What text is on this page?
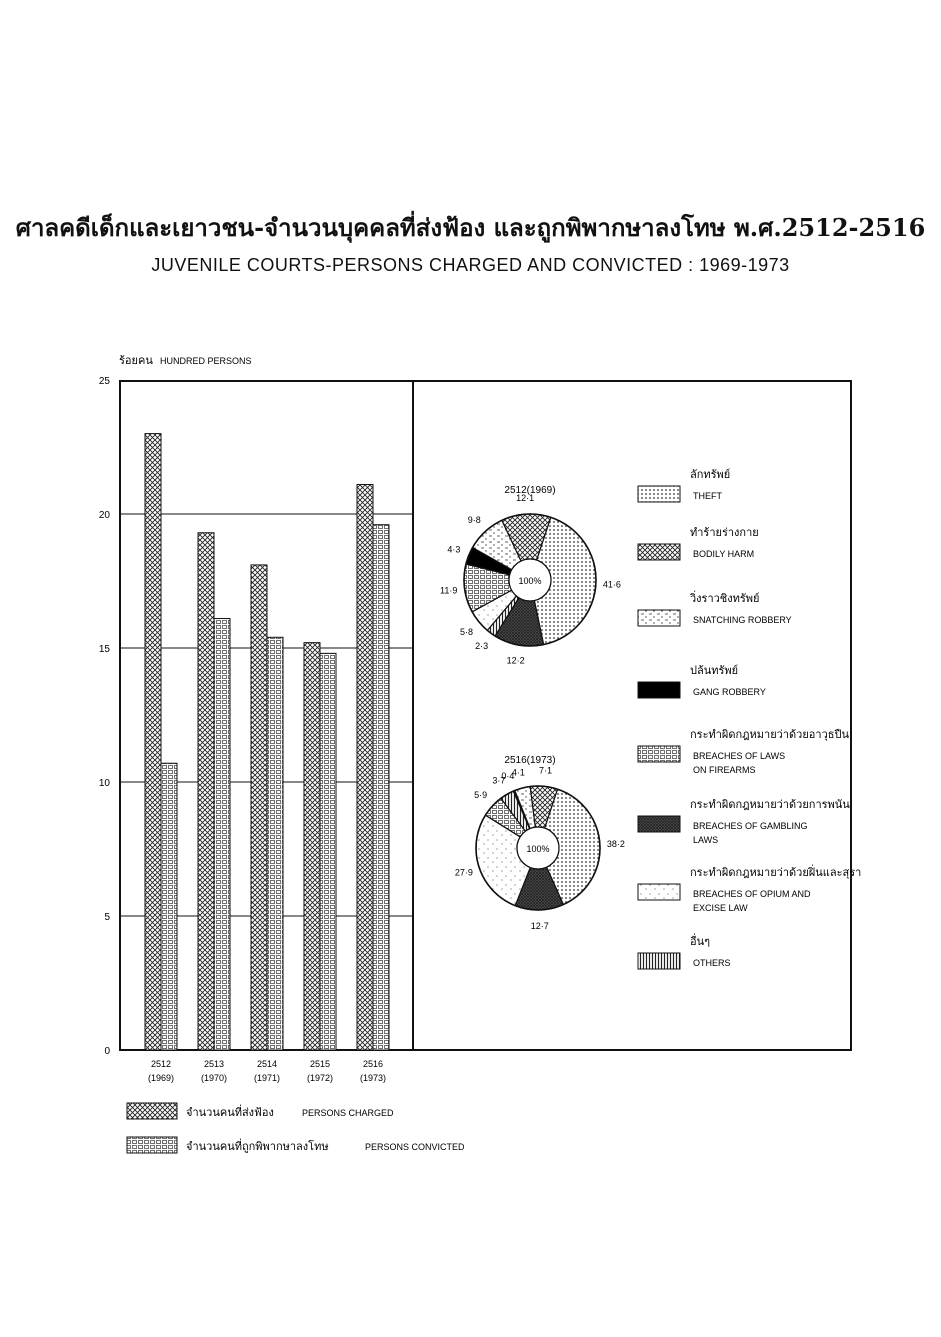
ศาลคดีเด็กและเยาวชน-จำนวนบุคคลที่ส่งฟ้อง และถูกพิพากษาลงโทษ พ.ศ.2512-2516
JUVENILE COURTS-PERSONS CHARGED AND CONVICTED : 1969-1973
ร้อยคน HUNDRED PERSONS
0
5
10
15
20
25
2512
(1969)
2513
(1970)
2514
(1971)
2515
(1972)
2516
(1973)
จำนวนคนที่ส่งฟ้อง	PERSONS CHARGED
จำนวนคนที่ถูกพิพากษาลงโทษ	PERSONS CONVICTED
2512(1969)
41·6
12·2
2·3
5·8
11·9
4·3
9·8
12·1
100%
2516(1973)
38·2
12·7
27·9
5·9
3·7
0·4
4·1 7·1
100%
ลักทรัพย์
THEFT
ทำร้ายร่างกาย
BODILY HARM
วิ่งราวชิงทรัพย์
SNATCHING ROBBERY
ปล้นทรัพย์
GANG ROBBERY
กระทำผิดกฎหมายว่าด้วยอาวุธปืน
BREACHES OF LAWS
ON FIREARMS
กระทำผิดกฎหมายว่าด้วยการพนัน
BREACHES OF GAMBLING
LAWS
กระทำผิดกฎหมายว่าด้วยฝิ่นและสุรา
BREACHES OF OPIUM AND
EXCISE LAW
อื่นๆ
OTHERS
